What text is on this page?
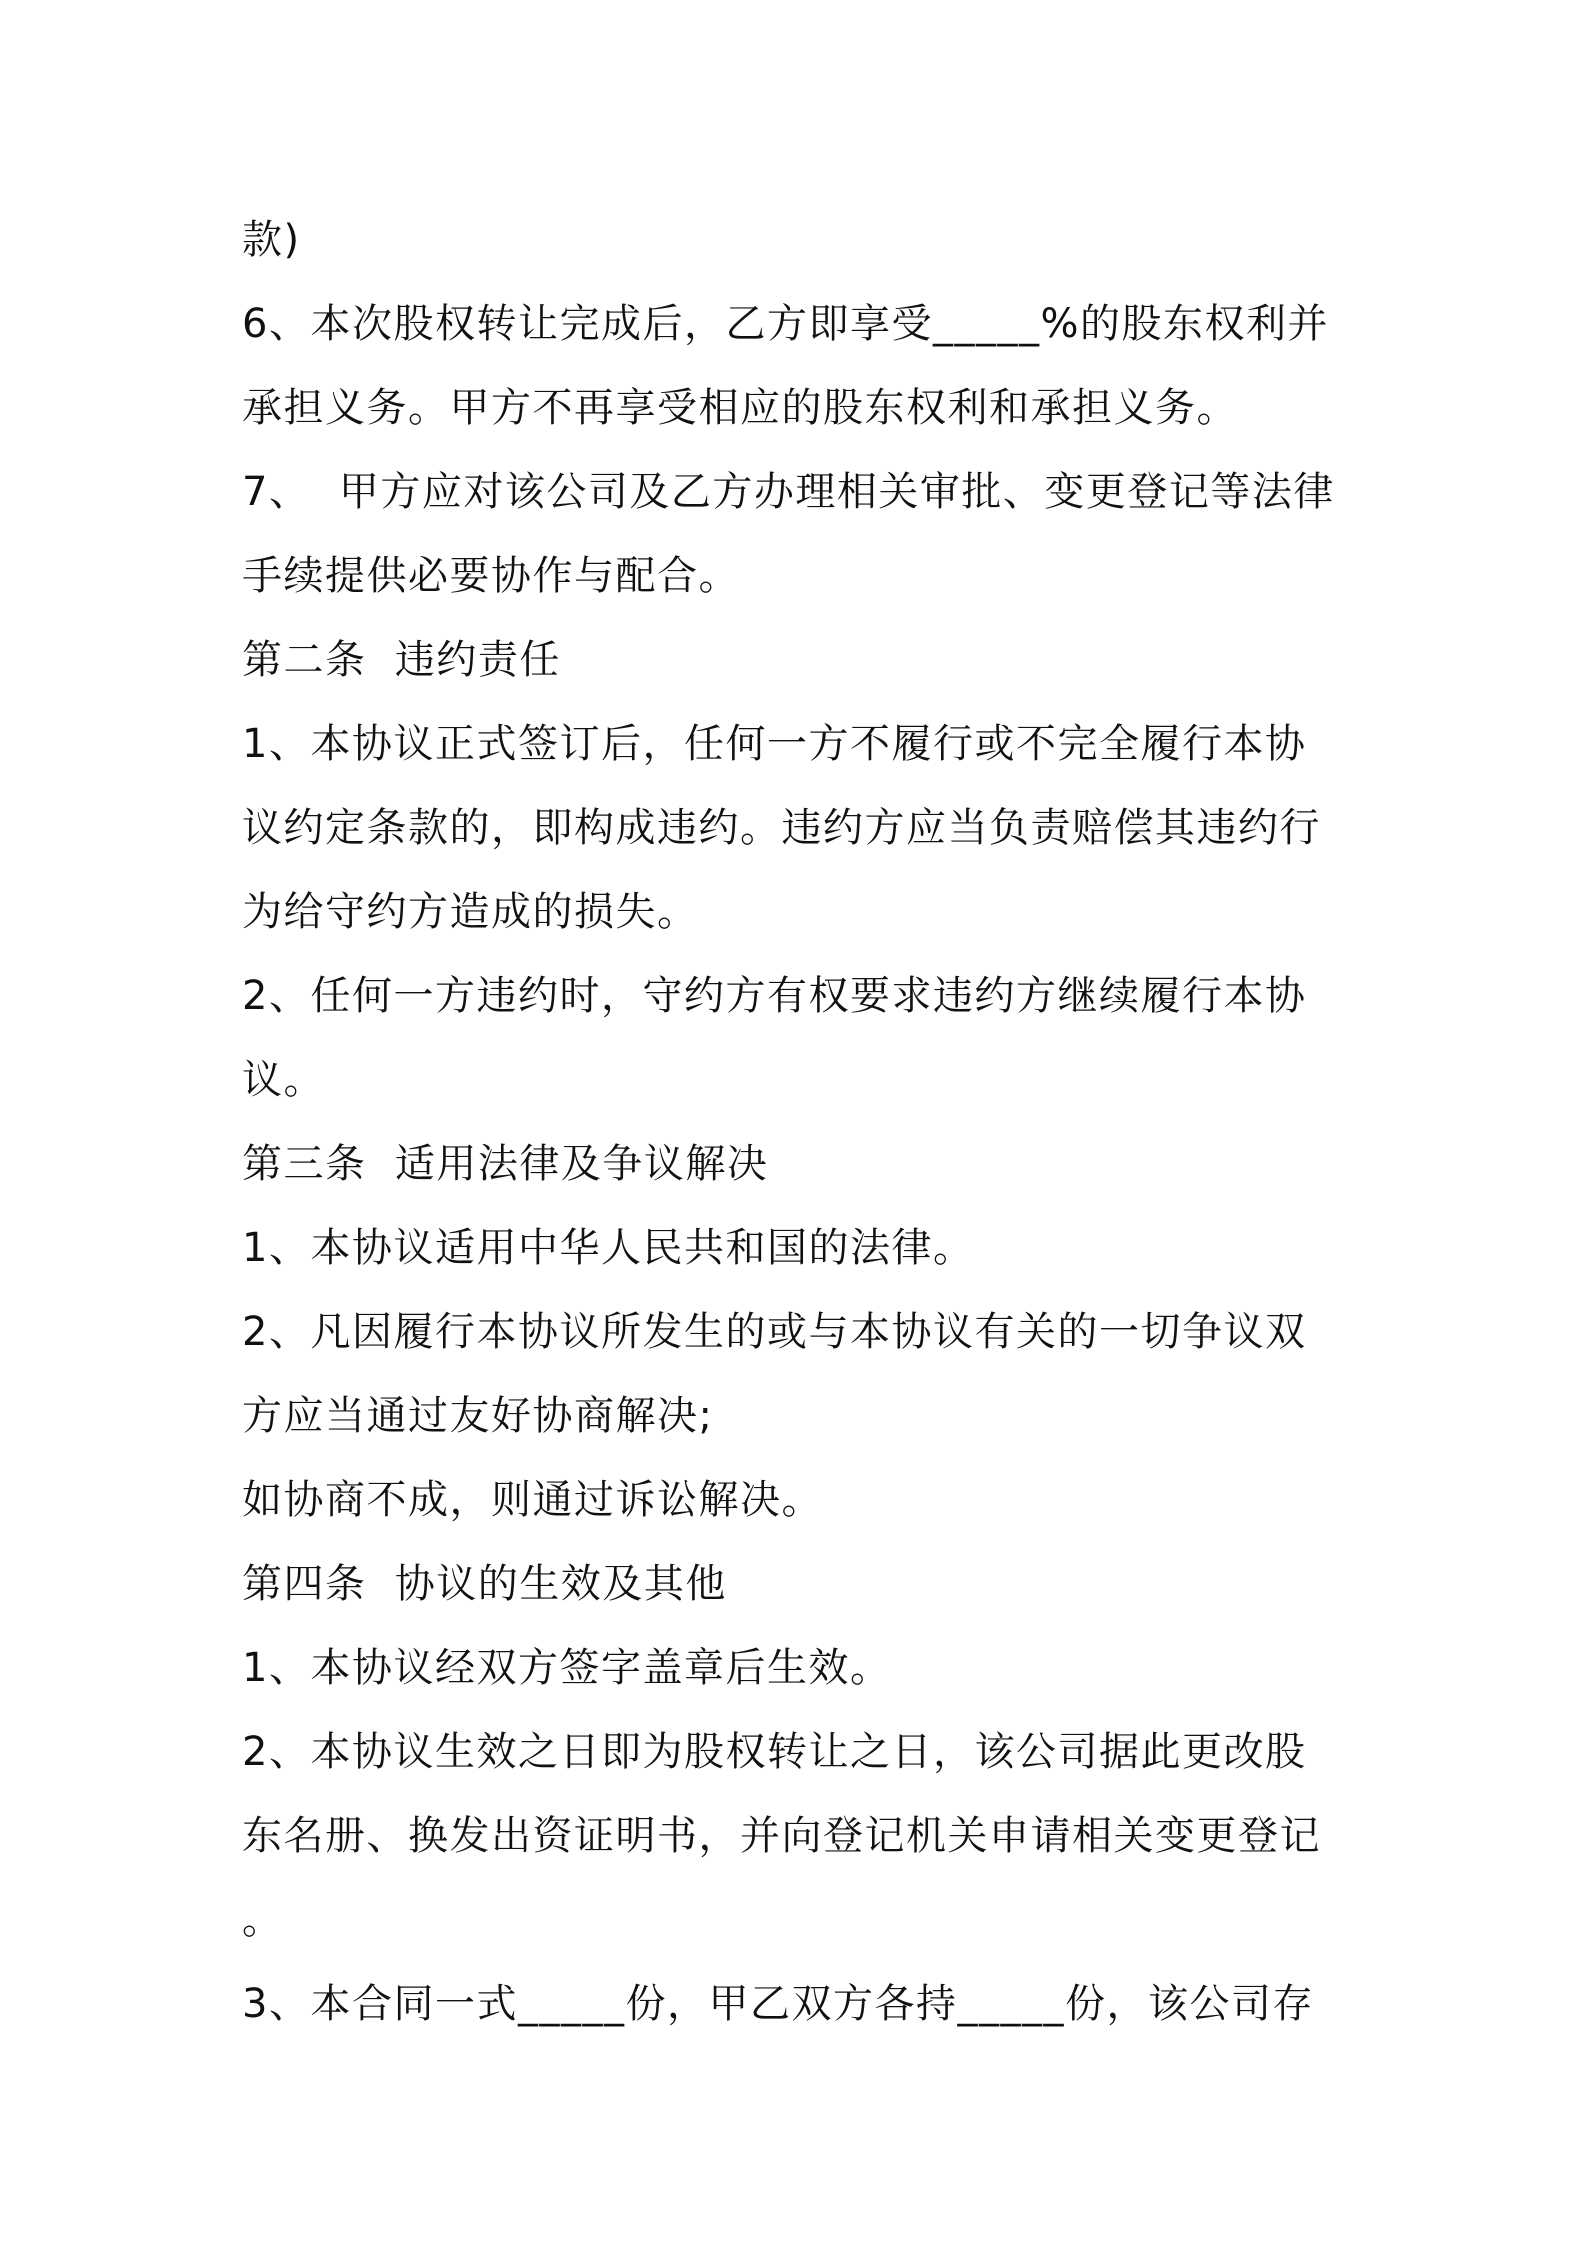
款)
6、本次股权转让完成后，乙方即享受_____%的股东权利并
承担义务。甲方不再享受相应的股东权利和承担义务。
7、  甲方应对该公司及乙方办理相关审批、变更登记等法律
手续提供必要协作与配合。
第二条  违约责任
1、本协议正式签订后，任何一方不履行或不完全履行本协
议约定条款的，即构成违约。违约方应当负责赔偿其违约行
为给守约方造成的损失。
2、任何一方违约时，守约方有权要求违约方继续履行本协
议。
第三条  适用法律及争议解决
1、本协议适用中华人民共和国的法律。
2、凡因履行本协议所发生的或与本协议有关的一切争议双
方应当通过友好协商解决;
如协商不成，则通过诉讼解决。
第四条  协议的生效及其他
1、本协议经双方签字盖章后生效。
2、本协议生效之日即为股权转让之日，该公司据此更改股
东名册、换发出资证明书，并向登记机关申请相关变更登记
。
3、本合同一式_____份，甲乙双方各持_____份，该公司存
